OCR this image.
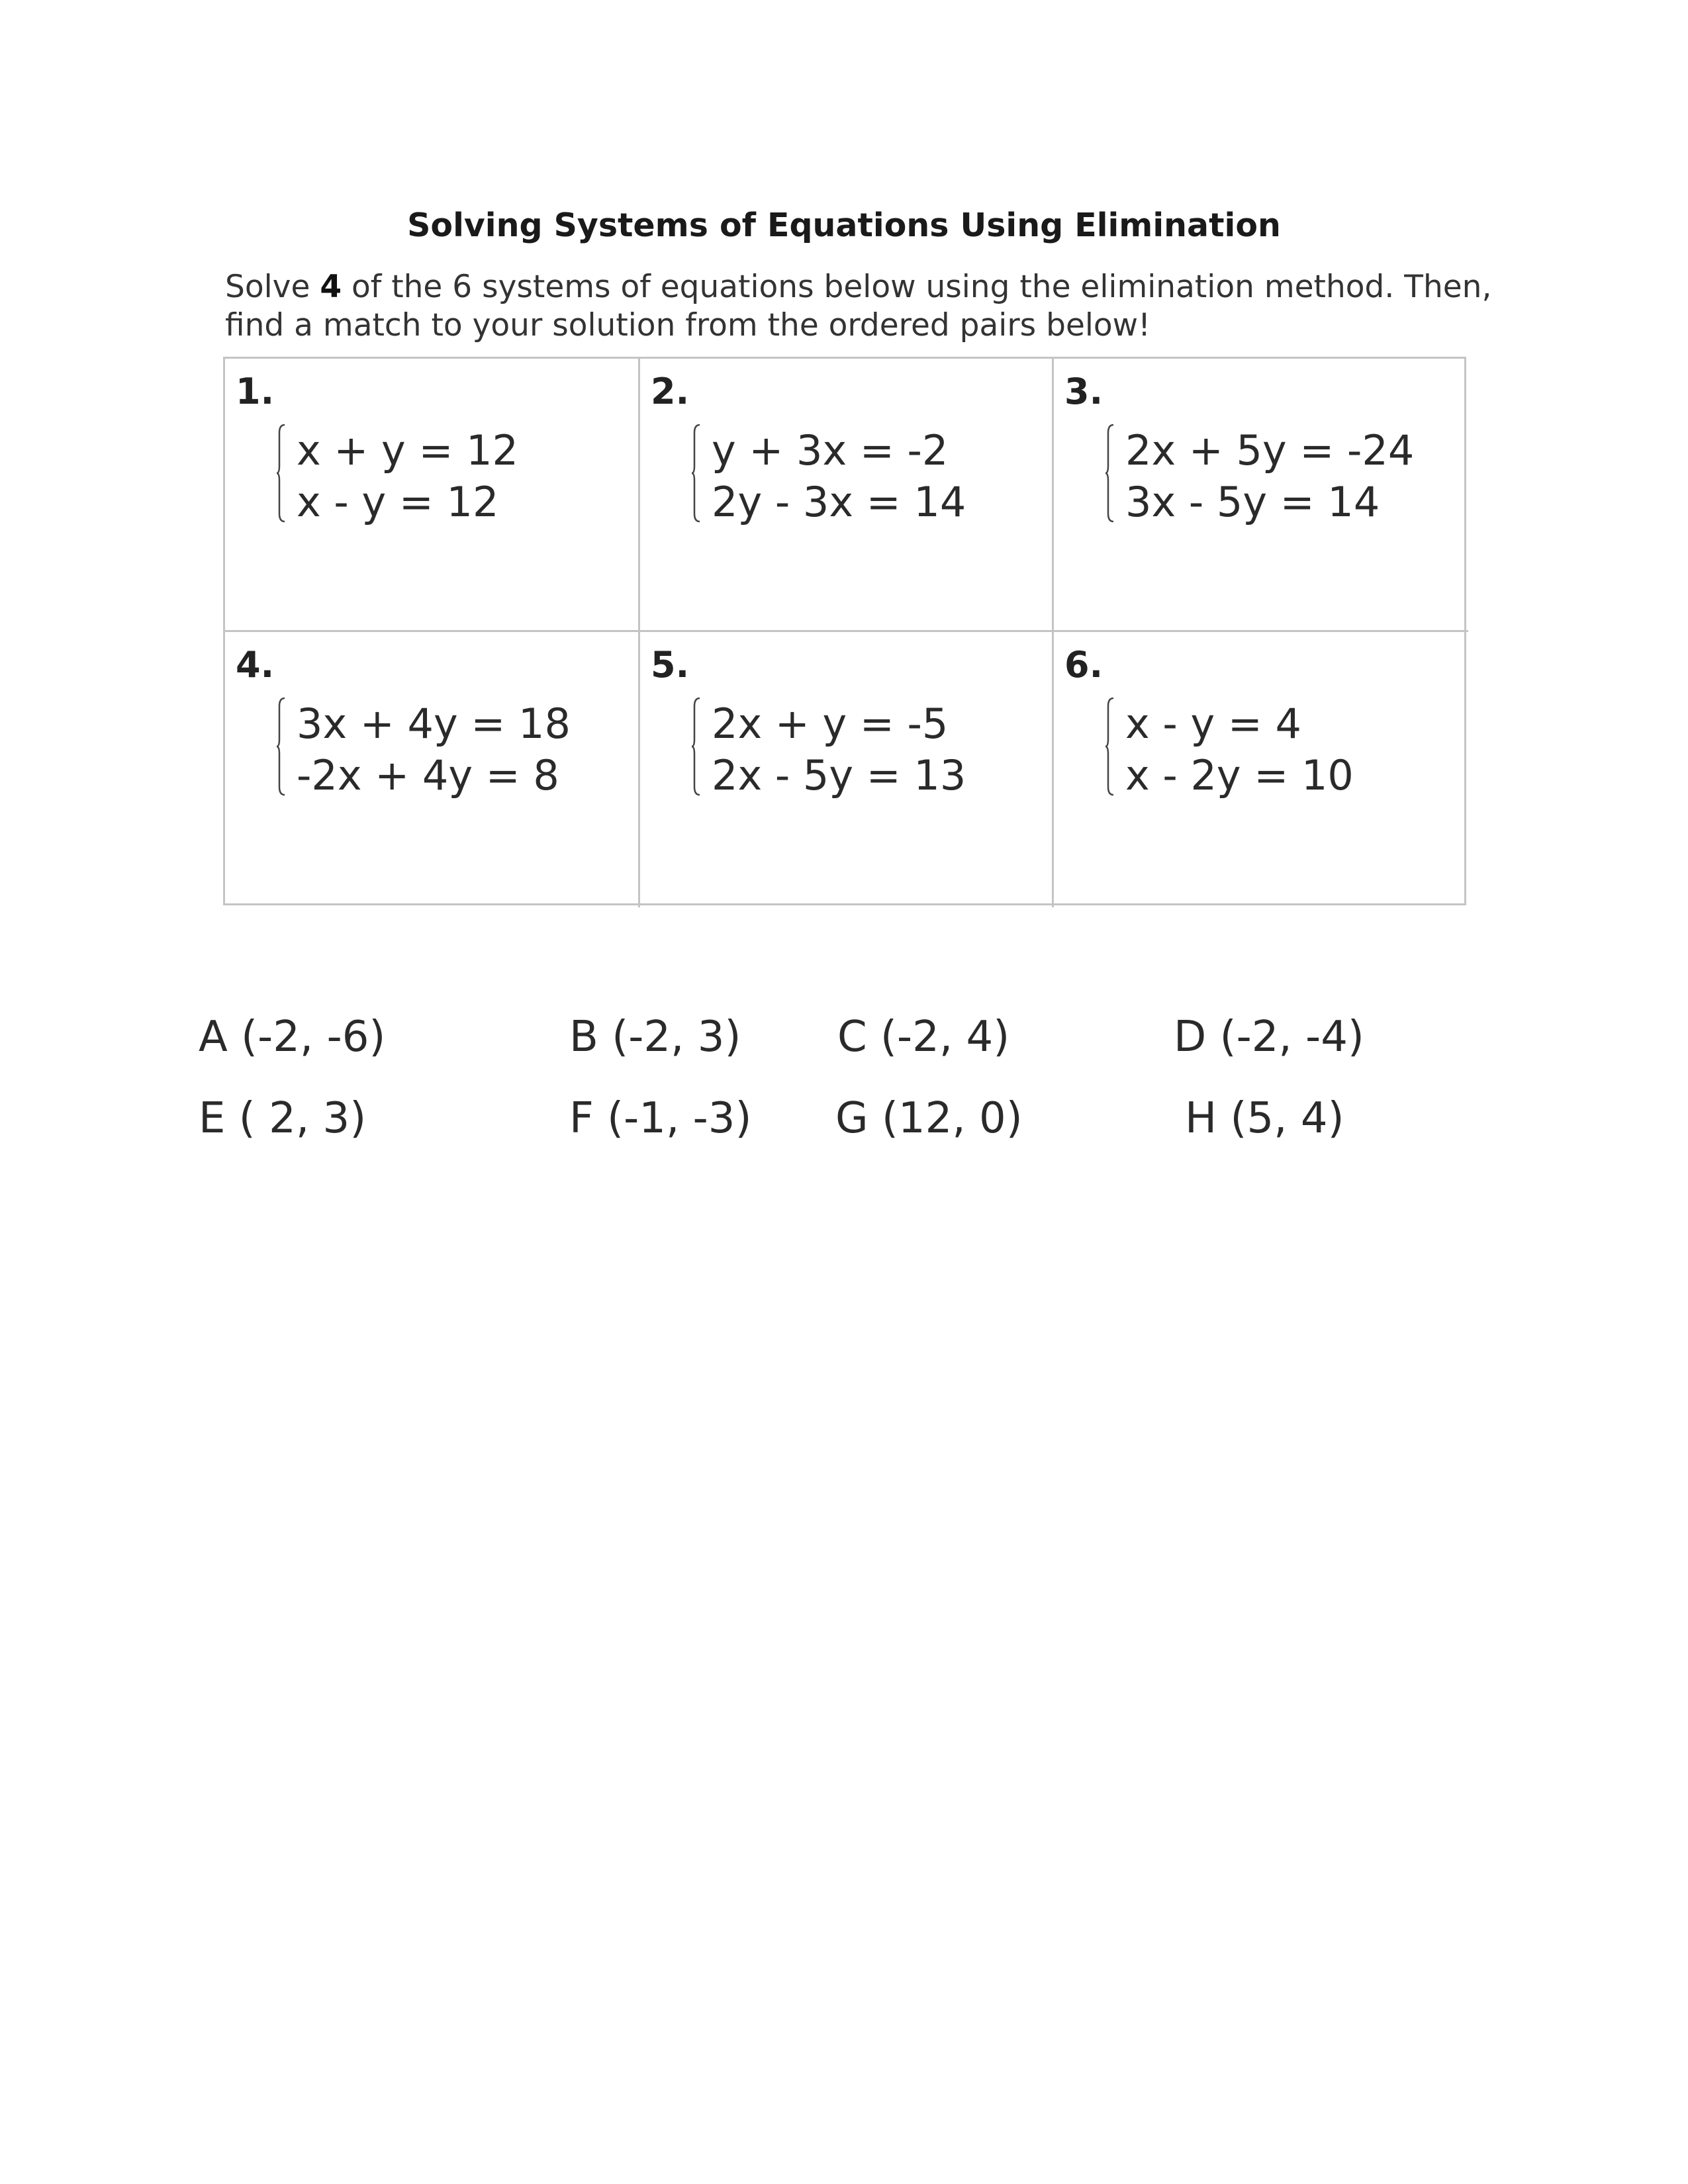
Solving Systems of Equations Using Elimination
Solve 4 of the 6 systems of equations below using the elimination method. Then, find a match to your solution from the ordered pairs below!
1.
x + y = 12
x - y = 12
2.
y + 3x = -2
2y - 3x = 14
3.
2x + 5y = -24
3x - 5y = 14
4.
3x + 4y = 18
-2x + 4y = 8
5.
2x + y = -5
2x - 5y = 13
6.
x - y = 4
x - 2y = 10
A (-2, -6)	B (-2, 3) C (-2, 4)	D (-2, -4)
E ( 2, 3)	F (-1, -3) G (12, 0)	H (5, 4)
